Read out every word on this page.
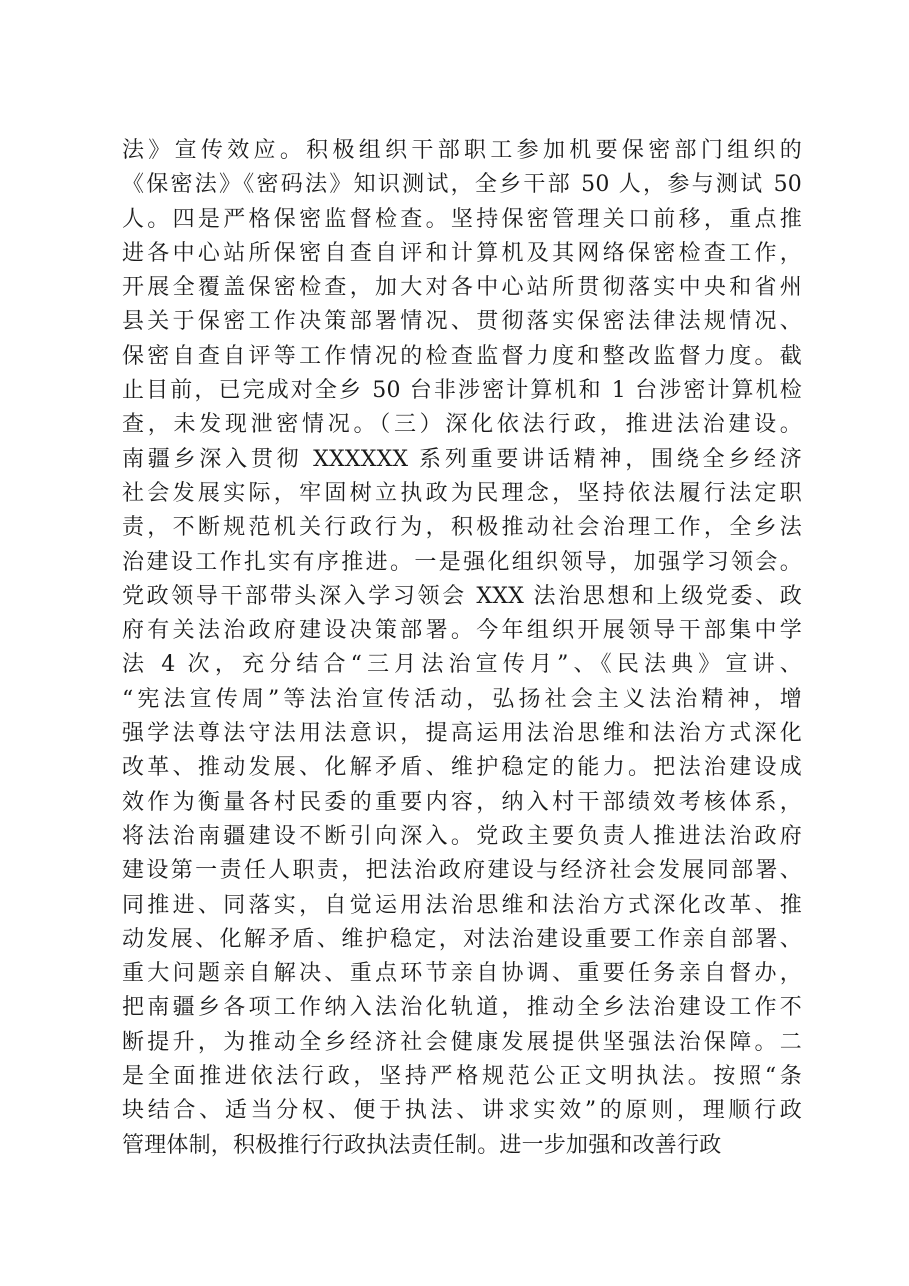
法》宣传效应。积极组织干部职工参加机要保密部门组织的
《保密法》《密码法》知识测试，全乡干部 50 人，参与测试 50
人。四是严格保密监督检查。坚持保密管理关口前移，重点推
进各中心站所保密自查自评和计算机及其网络保密检查工作，
开展全覆盖保密检查，加大对各中心站所贯彻落实中央和省州
县关于保密工作决策部署情况、贯彻落实保密法律法规情况、
保密自查自评等工作情况的检查监督力度和整改监督力度。截
止目前，已完成对全乡 50 台非涉密计算机和 1 台涉密计算机检
查，未发现泄密情况。（三）深化依法行政，推进法治建设。
南疆乡深入贯彻 XXXXXX 系列重要讲话精神，围绕全乡经济
社会发展实际，牢固树立执政为民理念，坚持依法履行法定职
责，不断规范机关行政行为，积极推动社会治理工作，全乡法
治建设工作扎实有序推进。一是强化组织领导，加强学习领会。
党政领导干部带头深入学习领会 XXX 法治思想和上级党委、政
府有关法治政府建设决策部署。今年组织开展领导干部集中学
法 4 次，充分结合“三月法治宣传月”、《民法典》宣讲、
“宪法宣传周”等法治宣传活动，弘扬社会主义法治精神，增
强学法尊法守法用法意识，提高运用法治思维和法治方式深化
改革、推动发展、化解矛盾、维护稳定的能力。把法治建设成
效作为衡量各村民委的重要内容，纳入村干部绩效考核体系，
将法治南疆建设不断引向深入。党政主要负责人推进法治政府
建设第一责任人职责，把法治政府建设与经济社会发展同部署、
同推进、同落实，自觉运用法治思维和法治方式深化改革、推
动发展、化解矛盾、维护稳定，对法治建设重要工作亲自部署、
重大问题亲自解决、重点环节亲自协调、重要任务亲自督办，
把南疆乡各项工作纳入法治化轨道，推动全乡法治建设工作不
断提升，为推动全乡经济社会健康发展提供坚强法治保障。二
是全面推进依法行政，坚持严格规范公正文明执法。按照“条
块结合、适当分权、便于执法、讲求实效”的原则，理顺行政
管理体制，积极推行行政执法责任制。进一步加强和改善行政
